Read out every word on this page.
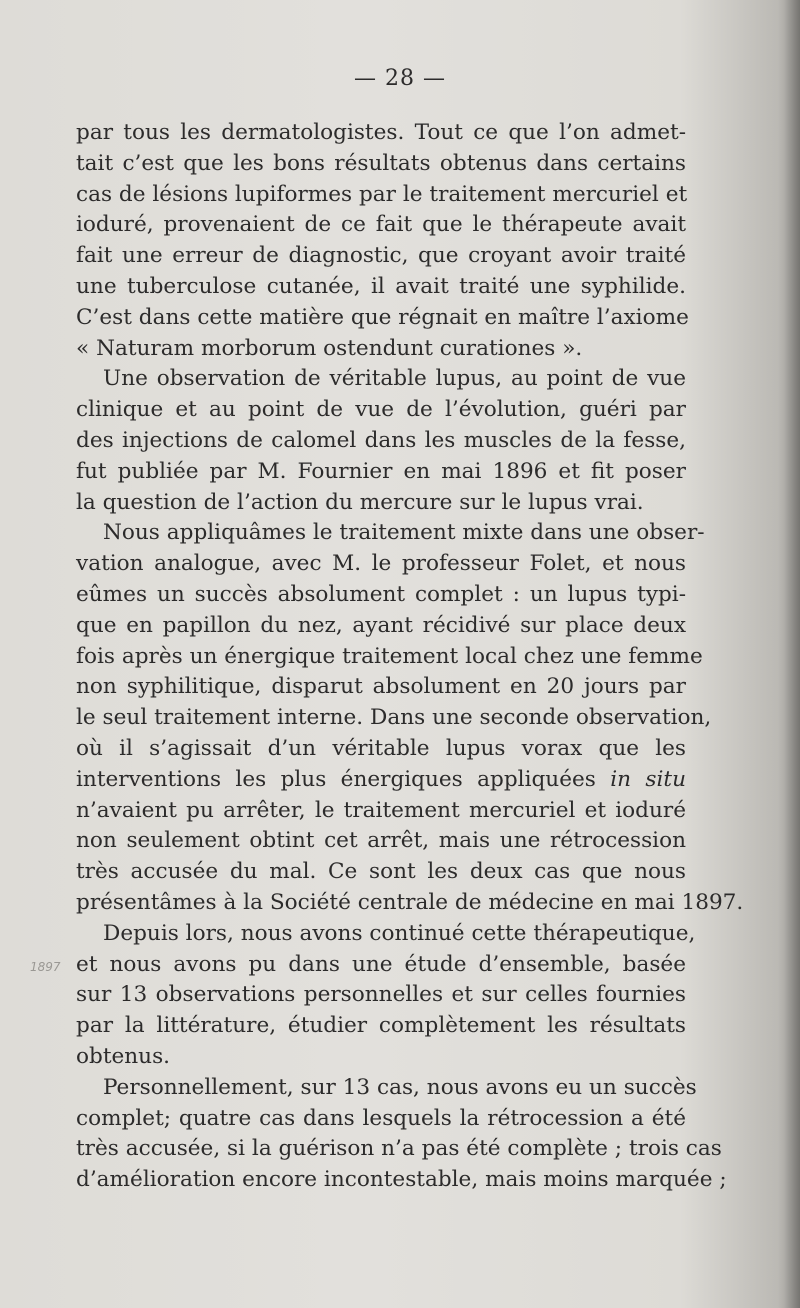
— 28 —
1897
par tous les dermatologistes. Tout ce que l’on admet-
tait c’est que les bons résultats obtenus dans certains
cas de lésions lupiformes par le traitement mercuriel et
ioduré, provenaient de ce fait que le thérapeute avait
fait une erreur de diagnostic, que croyant avoir traité
une tuberculose cutanée, il avait traité une syphilide.
C’est dans cette matière que régnait en maître l’axiome
« Naturam morborum ostendunt curationes ».
Une observation de véritable lupus, au point de vue
clinique et au point de vue de l’évolution, guéri par
des injections de calomel dans les muscles de la fesse,
fut publiée par M. Fournier en mai 1896 et fit poser
la question de l’action du mercure sur le lupus vrai.
Nous appliquâmes le traitement mixte dans une obser-
vation analogue, avec M. le professeur Folet, et nous
eûmes un succès absolument complet : un lupus typi-
que en papillon du nez, ayant récidivé sur place deux
fois après un énergique traitement local chez une femme
non syphilitique, disparut absolument en 20 jours par
le seul traitement interne. Dans une seconde observation,
où il s’agissait d’un véritable lupus vorax que les
interventions les plus énergiques appliquées in situ
n’avaient pu arrêter, le traitement mercuriel et ioduré
non seulement obtint cet arrêt, mais une rétrocession
très accusée du mal. Ce sont les deux cas que nous
présentâmes à la Société centrale de médecine en mai 1897.
Depuis lors, nous avons continué cette thérapeutique,
et nous avons pu dans une étude d’ensemble, basée
sur 13 observations personnelles et sur celles fournies
par la littérature, étudier complètement les résultats
obtenus.
Personnellement, sur 13 cas, nous avons eu un succès
complet; quatre cas dans lesquels la rétrocession a été
très accusée, si la guérison n’a pas été complète ; trois cas
d’amélioration encore incontestable, mais moins marquée ;
